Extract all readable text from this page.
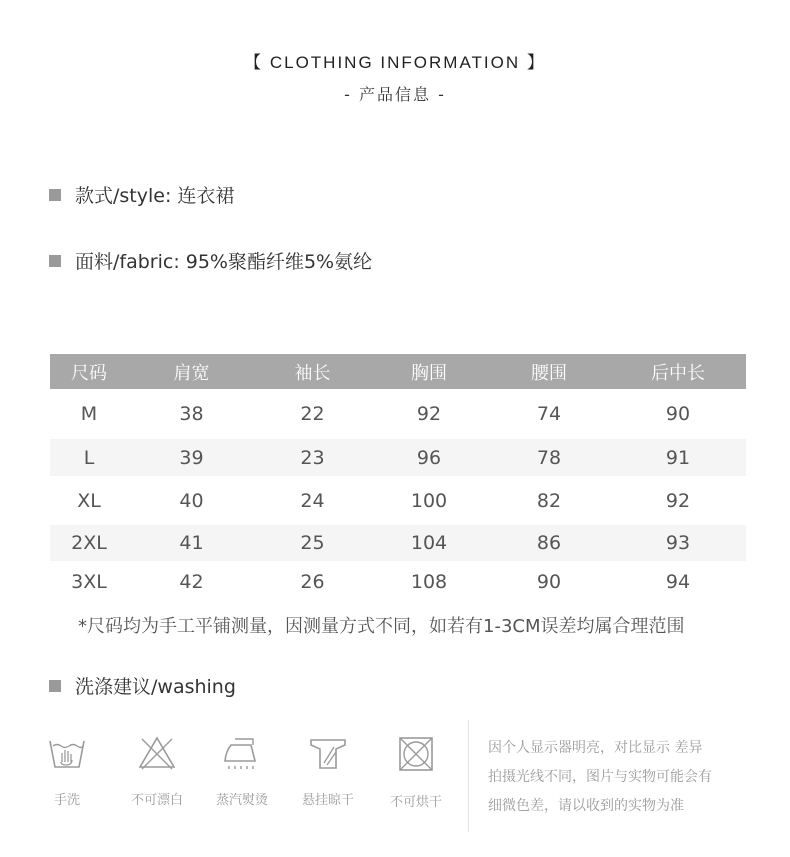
【 CLOTHING INFORMATION 】
- 产品信息 -
款式/style: 连衣裙
面料/fabric: 95%聚酯纤维5%氨纶
尺码	肩宽	袖长	胸围	腰围	后中长
M	38	22	92	74	90
L	39	23	96	78	91
XL	40	24	100	82	92
2XL	41	25	104	86	93
3XL	42	26	108	90	94
*尺码均为手工平铺测量，因测量方式不同，如若有1-3CM误差均属合理范围
洗涤建议/washing
手洗	不可漂白	蒸汽熨烫	悬挂晾干	不可烘干
因个人显示器明亮，对比显示 差异
拍摄光线不同，图片与实物可能会有
细微色差，请以收到的实物为准
